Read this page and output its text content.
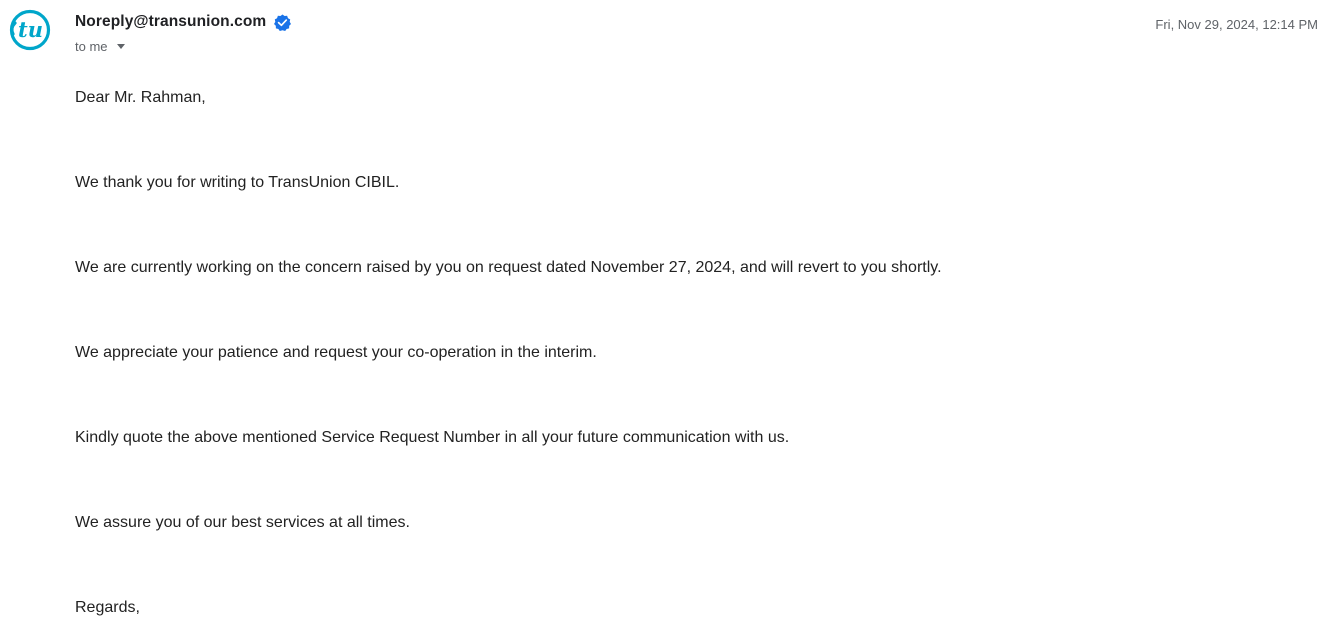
tu Noreply@transunion.com
to me
Fri, Nov 29, 2024, 12:14 PM

Dear Mr. Rahman,

We thank you for writing to TransUnion CIBIL.

We are currently working on the concern raised by you on request dated November 27, 2024, and will revert to you shortly.

We appreciate your patience and request your co-operation in the interim.

Kindly quote the above mentioned Service Request Number in all your future communication with us.

We assure you of our best services at all times.

Regards,
